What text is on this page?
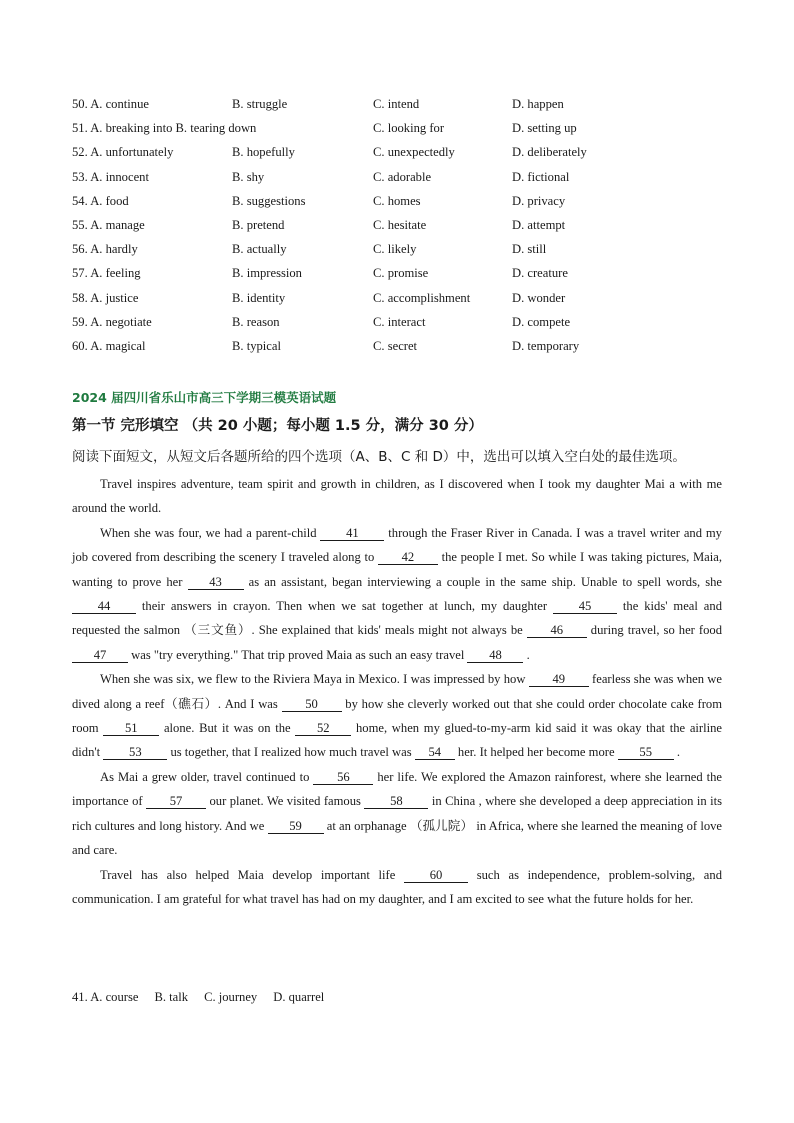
50. A. continue	B. struggle	C. intend	D. happen
51. A. breaking into B. tearing down	C. looking for	D. setting up
52. A. unfortunately	B. hopefully	C. unexpectedly	D. deliberately
53. A. innocent	B. shy	C. adorable	D. fictional
54. A. food	B. suggestions	C. homes	D. privacy
55. A. manage	B. pretend	C. hesitate	D. attempt
56. A. hardly	B. actually	C. likely	D. still
57. A. feeling	B. impression	C. promise	D. creature
58. A. justice	B. identity	C. accomplishment	D. wonder
59. A. negotiate	B. reason	C. interact	D. compete
60. A. magical	B. typical	C. secret	D. temporary
2024 届四川省乐山市高三下学期三模英语试题
第一节 完形填空 （共 20 小题；每小题 1.5 分，满分 30 分）
阅读下面短文，从短文后各题所给的四个选项（A、B、C 和 D）中，选出可以填入空白处的最佳选项。

Travel inspires adventure, team spirit and growth in children, as I discovered when I took my daughter Mai a with me around the world.

When she was four, we had a parent-child 41 through the Fraser River in Canada. I was a travel writer and my job covered from describing the scenery I traveled along to 42 the people I met. So while I was taking pictures, Maia, wanting to prove her 43 as an assistant, began interviewing a couple in the same ship. Unable to spell words, she 44 their answers in crayon. Then when we sat together at lunch, my daughter 45 the kids' meal and requested the salmon （三文鱼）. She explained that kids' meals might not always be 46 during travel, so her food 47 was "try everything." That trip proved Maia as such an easy travel 48 .

When she was six, we flew to the Riviera Maya in Mexico. I was impressed by how 49 fearless she was when we dived along a reef（礁石）. And I was 50 by how she cleverly worked out that she could order chocolate cake from room 51 alone. But it was on the 52 home, when my glued-to-my-arm kid said it was okay that the airline didn't 53 us together, that I realized how much travel was 54 her. It helped her become more 55 .

As Mai a grew older, travel continued to 56 her life. We explored the Amazon rainforest, where she learned the importance of 57 our planet. We visited famous 58 in China , where she developed a deep appreciation in its rich cultures and long history. And we 59 at an orphanage （孤儿院） in Africa, where she learned the meaning of love and care.

Travel has also helped Maia develop important life 60 such as independence, problem-solving, and communication. I am grateful for what travel has had on my daughter, and I am excited to see what the future holds for her.

41. A. course B. talk C. journey D. quarrel
